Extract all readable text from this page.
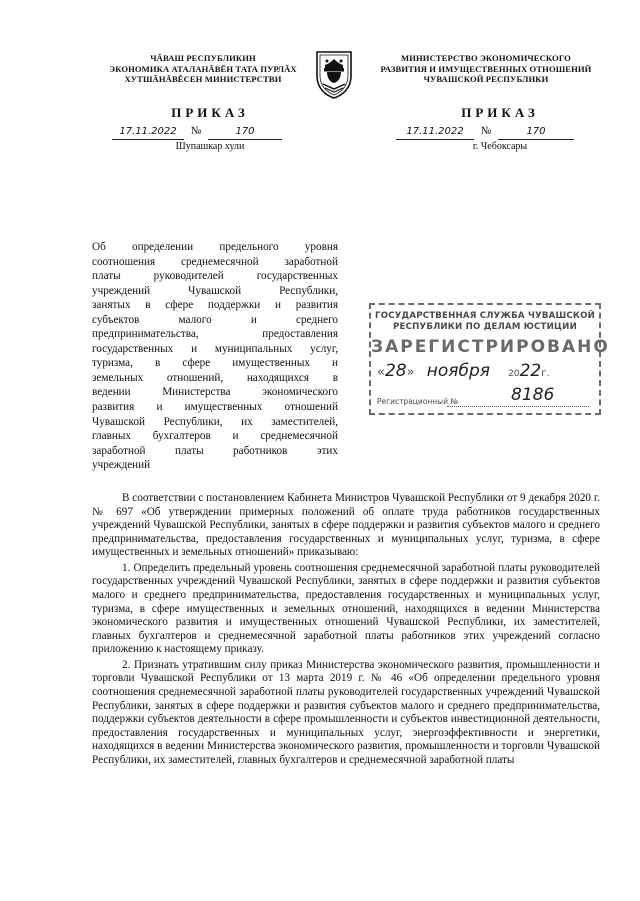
ЧĂВАШ РЕСПУБЛИКИН
ЭКОНОМИКА АТАЛАНĂВĔН ТАТА ПУРЛĂХ
ХУТШĂНĂВĔСЕН МИНИСТЕРСТВИ
МИНИСТЕРСТВО ЭКОНОМИЧЕСКОГО
РАЗВИТИЯ И ИМУЩЕСТВЕННЫХ ОТНОШЕНИЙ
ЧУВАШСКОЙ РЕСПУБЛИКИ
ПРИКАЗ
17.11.2022 №	170
Шупашкар хули
ПРИКАЗ
17.11.2022 №	170
г. Чебоксары
Об определении предельного уровня
соотношения среднемесячной заработной
платы руководителей государственных
учреждений Чувашской Республики,
занятых в сфере поддержки и развития
субъектов малого и среднего
предпринимательства, предоставления
государственных и муниципальных услуг,
туризма, в сфере имущественных и
земельных отношений, находящихся в
ведении Министерства экономического
развития и имущественных отношений
Чувашской Республики, их заместителей,
главных бухгалтеров и среднемесячной
заработной платы работников этих
учреждений
ГОСУДАРСТВЕННАЯ СЛУЖБА ЧУВАШСКОЙ
РЕСПУБЛИКИ ПО ДЕЛАМ ЮСТИЦИИ
ЗАРЕГИСТРИРОВАНО
«28» ноября 2022г.
Регистрационный №	8186

В соответствии с постановлением Кабинета Министров Чувашской Республики от 9 декабря 2020 г. № 697 «Об утверждении примерных положений об оплате труда работников государственных учреждений Чувашской Республики, занятых в сфере поддержки и развития субъектов малого и среднего предпринимательства, предоставления государственных и муниципальных услуг, туризма, в сфере имущественных и земельных отношений» приказываю:

1. Определить предельный уровень соотношения среднемесячной заработной платы руководителей государственных учреждений Чувашской Республики, занятых в сфере поддержки и развития субъектов малого и среднего предпринимательства, предоставления государственных и муниципальных услуг, туризма, в сфере имущественных и земельных отношений, находящихся в ведении Министерства экономического развития и имущественных отношений Чувашской Республики, их заместителей, главных бухгалтеров и среднемесячной заработной платы работников этих учреждений согласно приложению к настоящему приказу.

2. Признать утратившим силу приказ Министерства экономического развития, промышленности и торговли Чувашской Республики от 13 марта 2019 г. № 46 «Об определении предельного уровня соотношения среднемесячной заработной платы руководителей государственных учреждений Чувашской Республики, занятых в сфере поддержки и развития субъектов малого и среднего предпринимательства, поддержки субъектов деятельности в сфере промышленности и субъектов инвестиционной деятельности, предоставления государственных и муниципальных услуг, энергоэффективности и энергетики, находящихся в ведении Министерства экономического развития, промышленности и торговли Чувашской Республики, их заместителей, главных бухгалтеров и среднемесячной заработной платы
